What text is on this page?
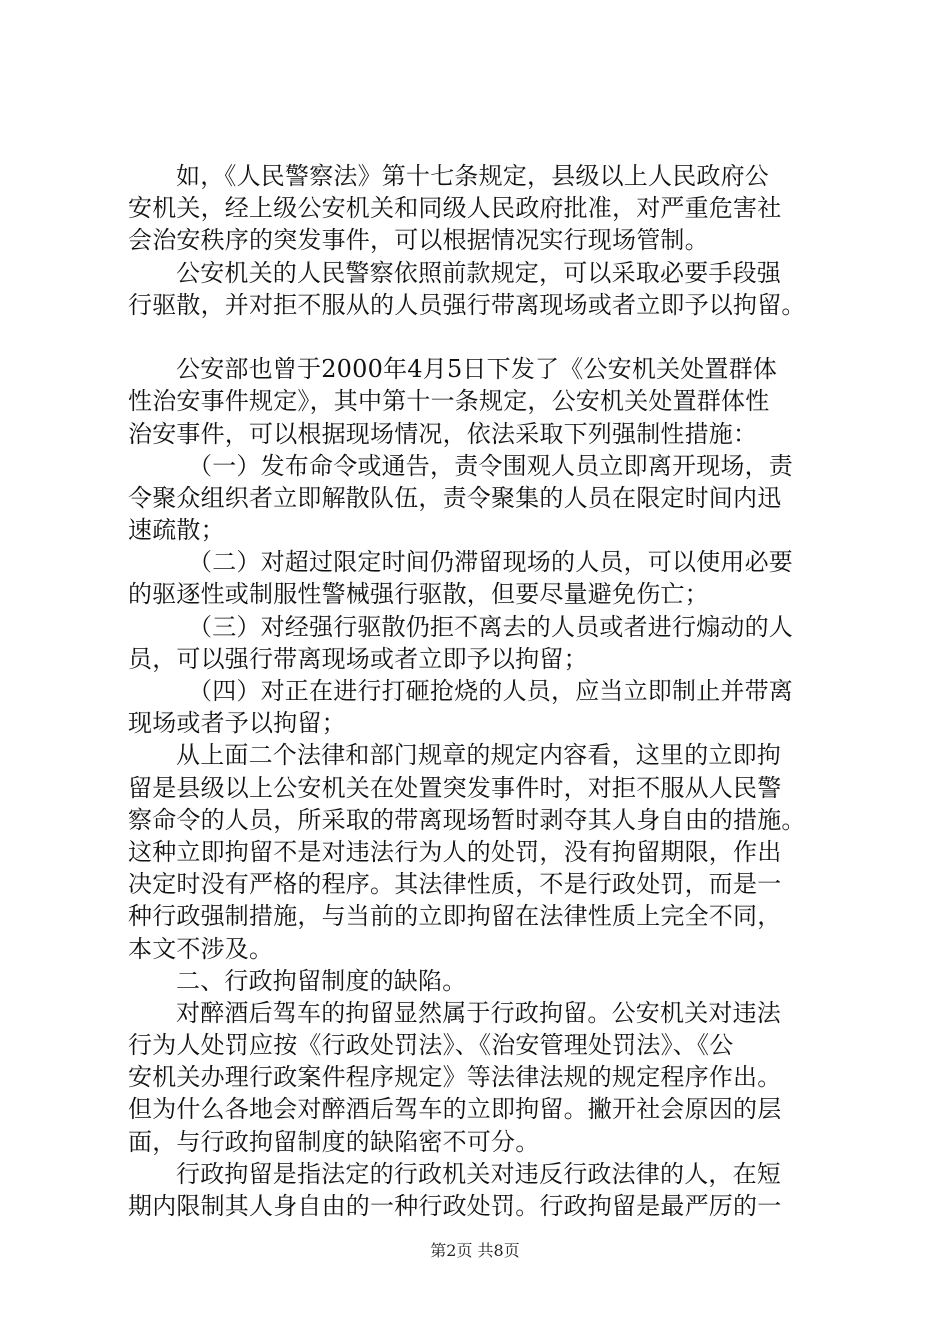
如，《人民警察法》第十七条规定，县级以上人民政府公
安机关，经上级公安机关和同级人民政府批准，对严重危害社
会治安秩序的突发事件，可以根据情况实行现场管制。
公安机关的人民警察依照前款规定，可以采取必要手段强
行驱散，并对拒不服从的人员强行带离现场或者立即予以拘留。
公安部也曾于2000年4月5日下发了《公安机关处置群体
性治安事件规定》，其中第十一条规定，公安机关处置群体性
治安事件，可以根据现场情况，依法采取下列强制性措施：
（一）发布命令或通告，责令围观人员立即离开现场，责
令聚众组织者立即解散队伍，责令聚集的人员在限定时间内迅
速疏散；
（二）对超过限定时间仍滞留现场的人员，可以使用必要
的驱逐性或制服性警械强行驱散，但要尽量避免伤亡；
（三）对经强行驱散仍拒不离去的人员或者进行煽动的人
员，可以强行带离现场或者立即予以拘留；
（四）对正在进行打砸抢烧的人员，应当立即制止并带离
现场或者予以拘留；
从上面二个法律和部门规章的规定内容看，这里的立即拘
留是县级以上公安机关在处置突发事件时，对拒不服从人民警
察命令的人员，所采取的带离现场暂时剥夺其人身自由的措施。
这种立即拘留不是对违法行为人的处罚，没有拘留期限，作出
决定时没有严格的程序。其法律性质，不是行政处罚，而是一
种行政强制措施，与当前的立即拘留在法律性质上完全不同，
本文不涉及。
二、行政拘留制度的缺陷。
对醉酒后驾车的拘留显然属于行政拘留。公安机关对违法
行为人处罚应按《行政处罚法》、《治安管理处罚法》、《公
安机关办理行政案件程序规定》等法律法规的规定程序作出。
但为什么各地会对醉酒后驾车的立即拘留。撇开社会原因的层
面，与行政拘留制度的缺陷密不可分。
行政拘留是指法定的行政机关对违反行政法律的人，在短
期内限制其人身自由的一种行政处罚。行政拘留是最严厉的一
第2页 共8页
